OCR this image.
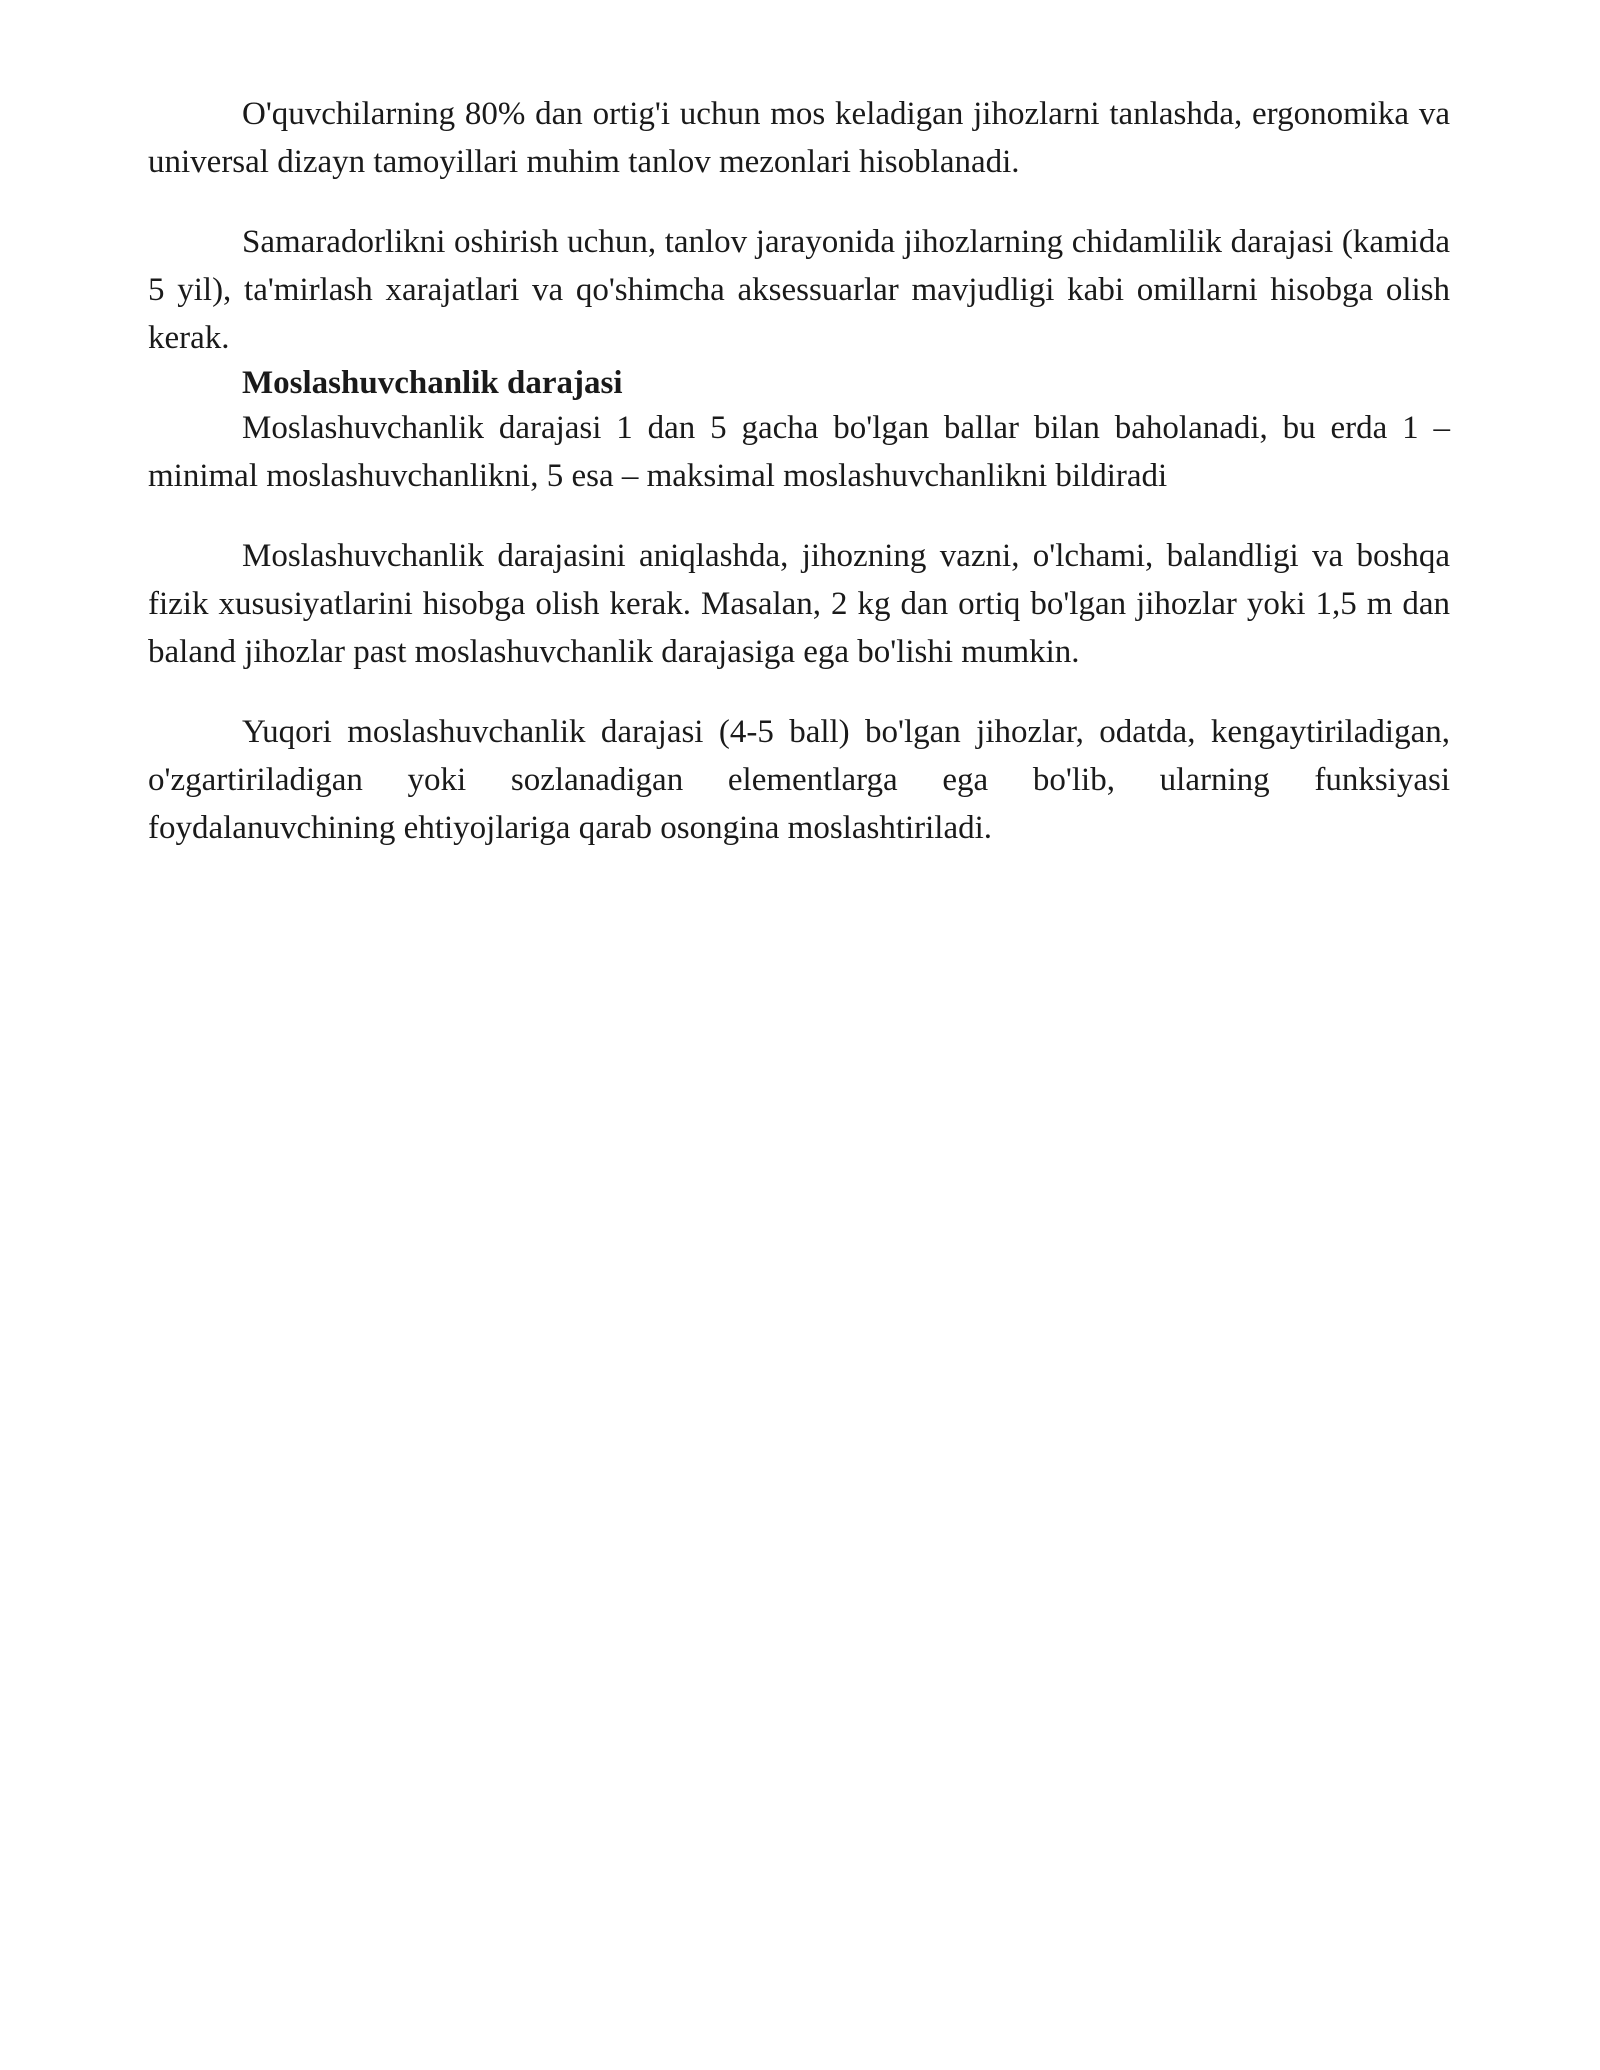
O'quvchilarning 80% dan ortig'i uchun mos keladigan jihozlarni tanlashda, ergonomika va universal dizayn tamoyillari muhim tanlov mezonlari hisoblanadi.

Samaradorlikni oshirish uchun, tanlov jarayonida jihozlarning chidamlilik darajasi (kamida 5 yil), ta'mirlash xarajatlari va qo'shimcha aksessuarlar mavjudligi kabi omillarni hisobga olish kerak.

Moslashuvchanlik darajasi

Moslashuvchanlik darajasi 1 dan 5 gacha bo'lgan ballar bilan baholanadi, bu erda 1 – minimal moslashuvchanlikni, 5 esa – maksimal moslashuvchanlikni bildiradi

Moslashuvchanlik darajasini aniqlashda, jihozning vazni, o'lchami, balandligi va boshqa fizik xususiyatlarini hisobga olish kerak. Masalan, 2 kg dan ortiq bo'lgan jihozlar yoki 1,5 m dan baland jihozlar past moslashuvchanlik darajasiga ega bo'lishi mumkin.

Yuqori moslashuvchanlik darajasi (4-5 ball) bo'lgan jihozlar, odatda, kengaytiriladigan, o'zgartiriladigan yoki sozlanadigan elementlarga ega bo'lib, ularning funksiyasi foydalanuvchining ehtiyojlariga qarab osongina moslashtiriladi.
